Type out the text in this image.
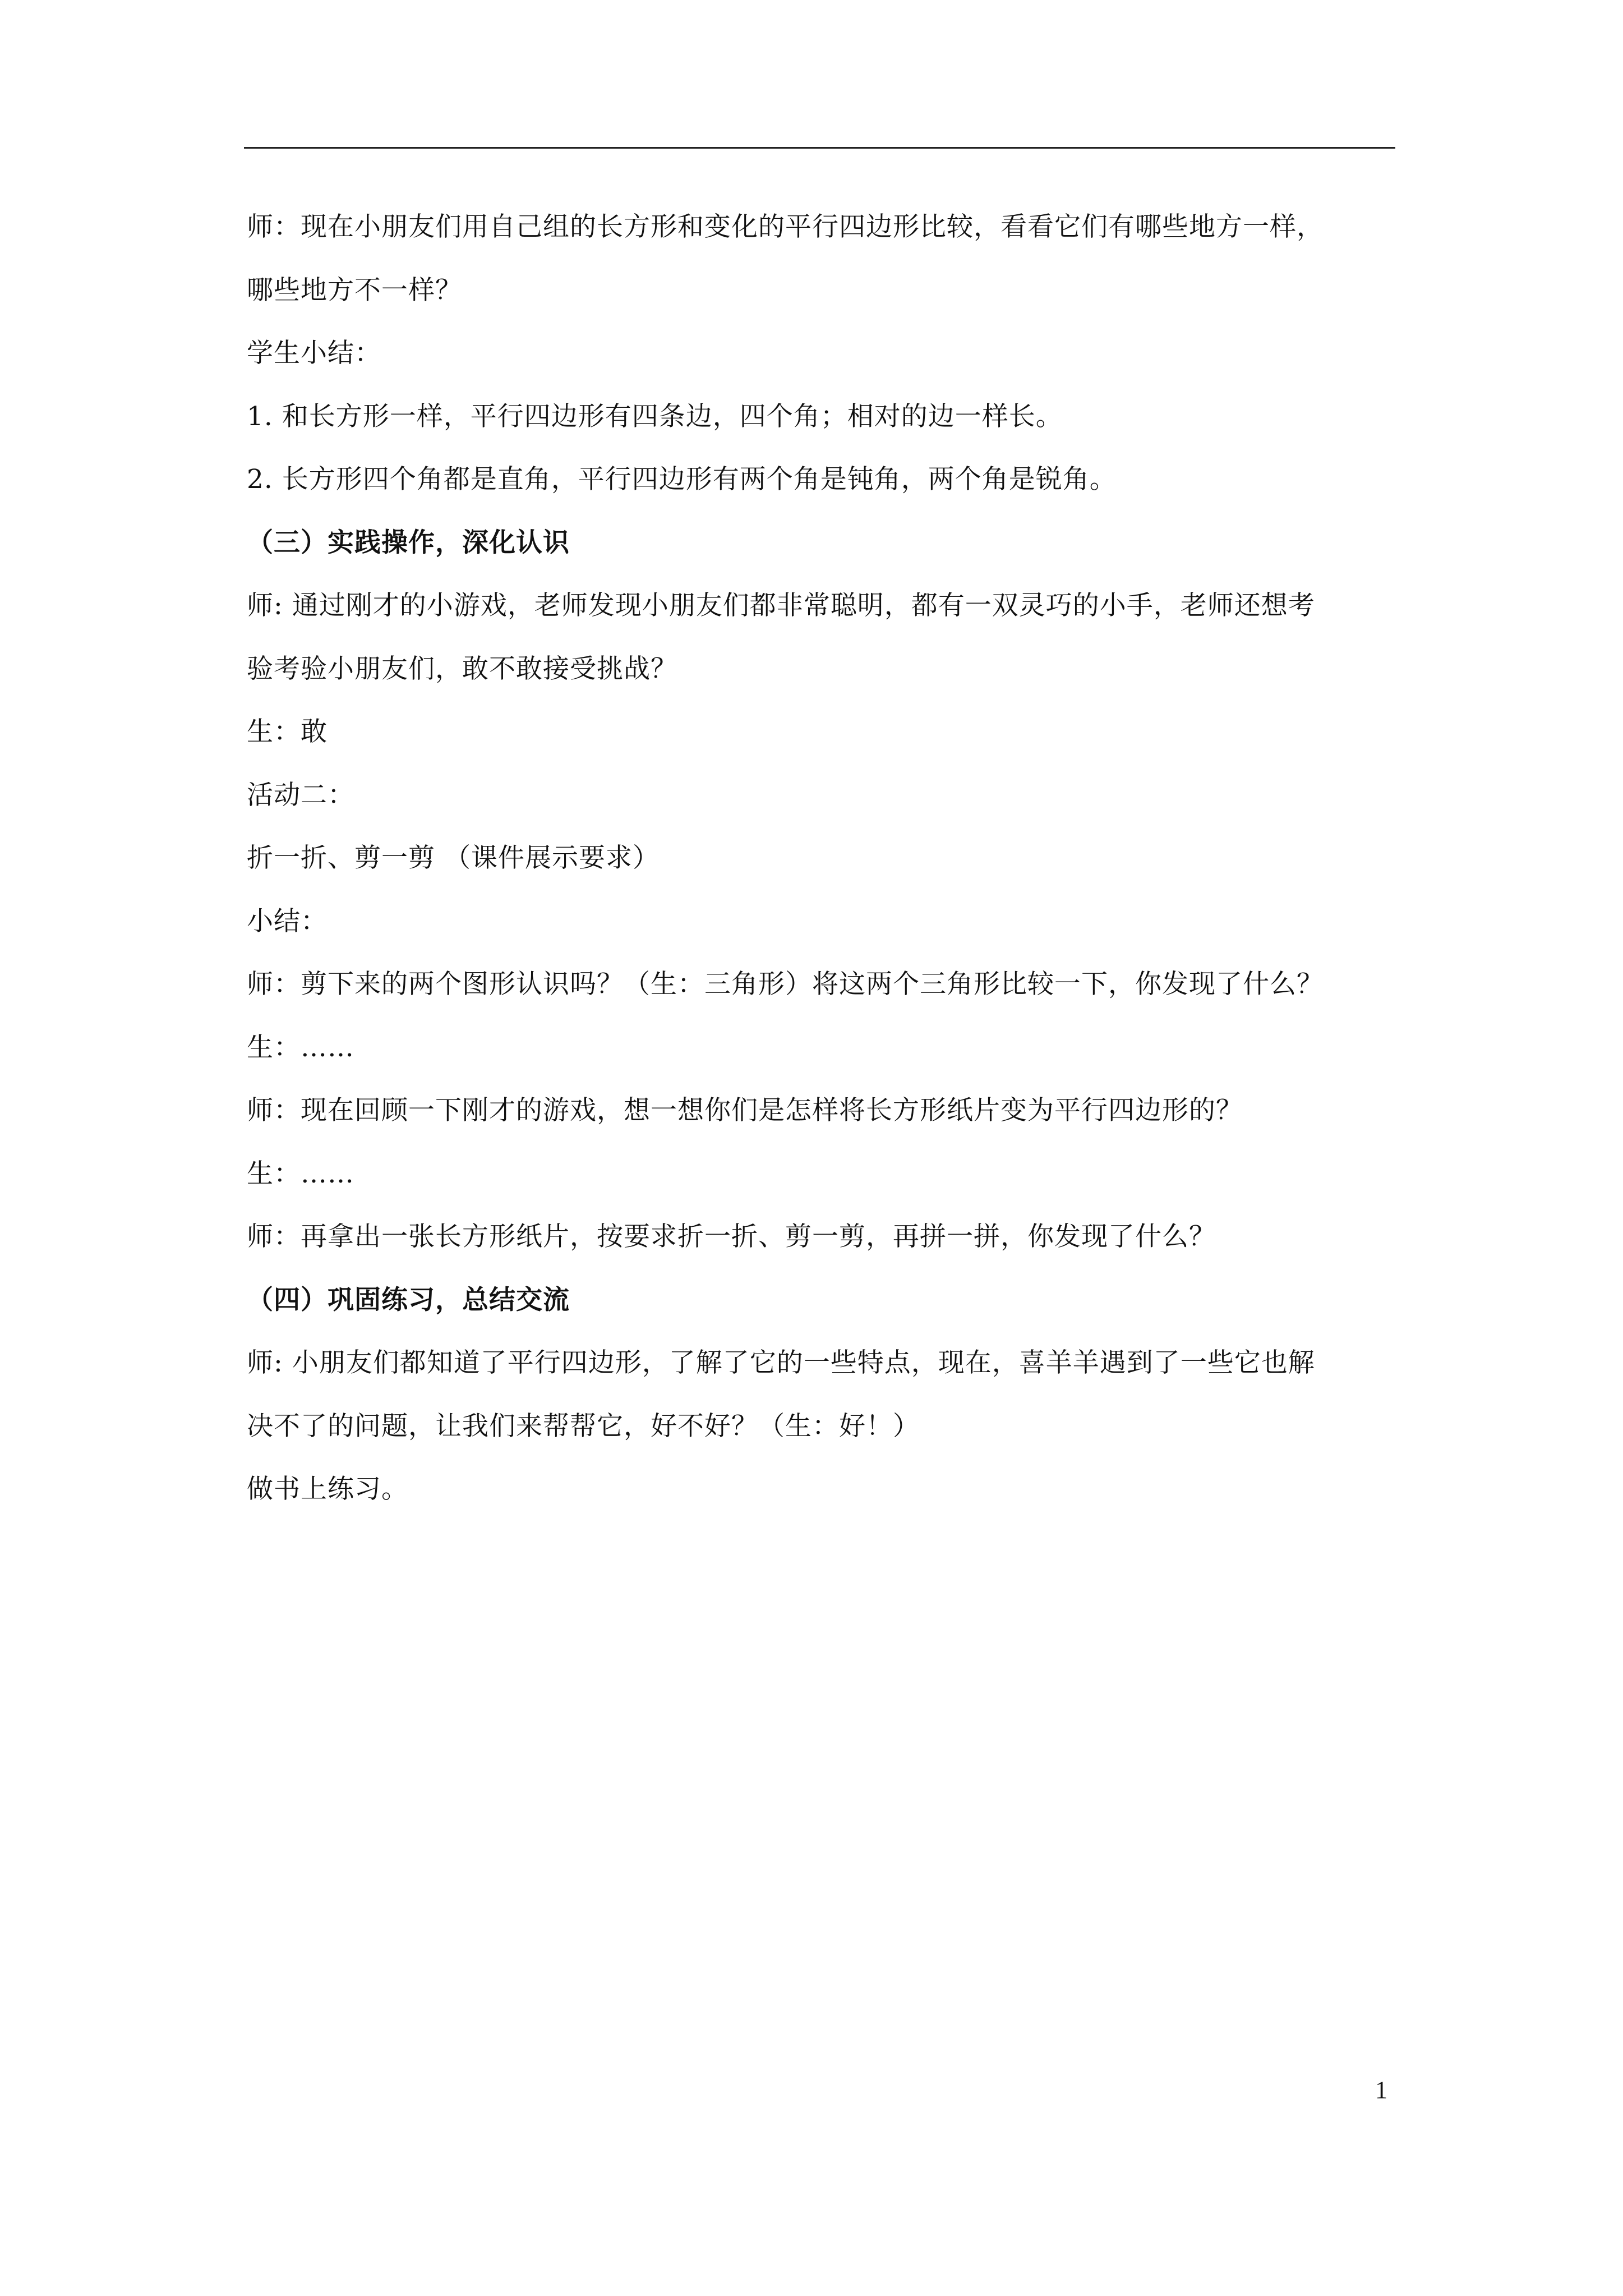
师：现在小朋友们用自己组的长方形和变化的平行四边形比较，看看它们有哪些地方一样，
哪些地方不一样？
学生小结：
1. 和长方形一样，平行四边形有四条边，四个角；相对的边一样长。
2. 长方形四个角都是直角，平行四边形有两个角是钝角，两个角是锐角。
（三）实践操作，深化认识
师: 通过刚才的小游戏，老师发现小朋友们都非常聪明，都有一双灵巧的小手，老师还想考
验考验小朋友们，敢不敢接受挑战？
生：敢
活动二：
折一折、剪一剪 （课件展示要求）
小结：
师：剪下来的两个图形认识吗？（生：三角形）将这两个三角形比较一下，你发现了什么？
生：……
师：现在回顾一下刚才的游戏，想一想你们是怎样将长方形纸片变为平行四边形的？
生：……
师：再拿出一张长方形纸片，按要求折一折、剪一剪，再拼一拼，你发现了什么？
（四）巩固练习，总结交流
师: 小朋友们都知道了平行四边形，了解了它的一些特点，现在，喜羊羊遇到了一些它也解
决不了的问题，让我们来帮帮它，好不好？（生：好！）
做书上练习。
1
